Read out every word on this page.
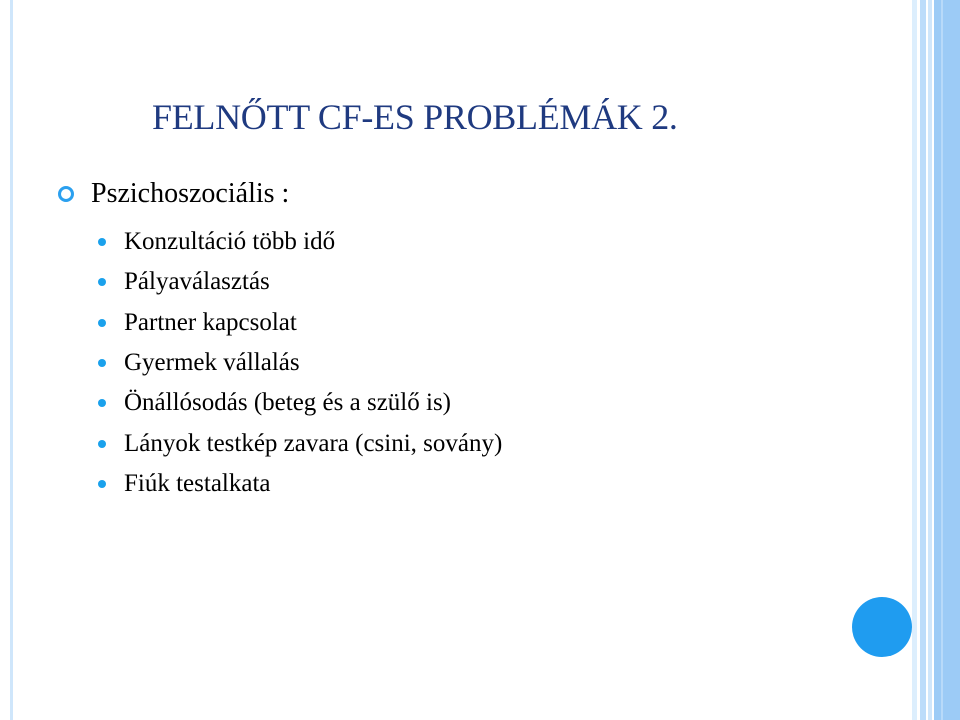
FELNŐTT CF-ES PROBLÉMÁK 2.
Pszichoszociális :
Konzultáció több idő
Pályaválasztás
Partner kapcsolat
Gyermek vállalás
Önállósodás (beteg és a szülő is)
Lányok testkép zavara (csini, sovány)
Fiúk testalkata
